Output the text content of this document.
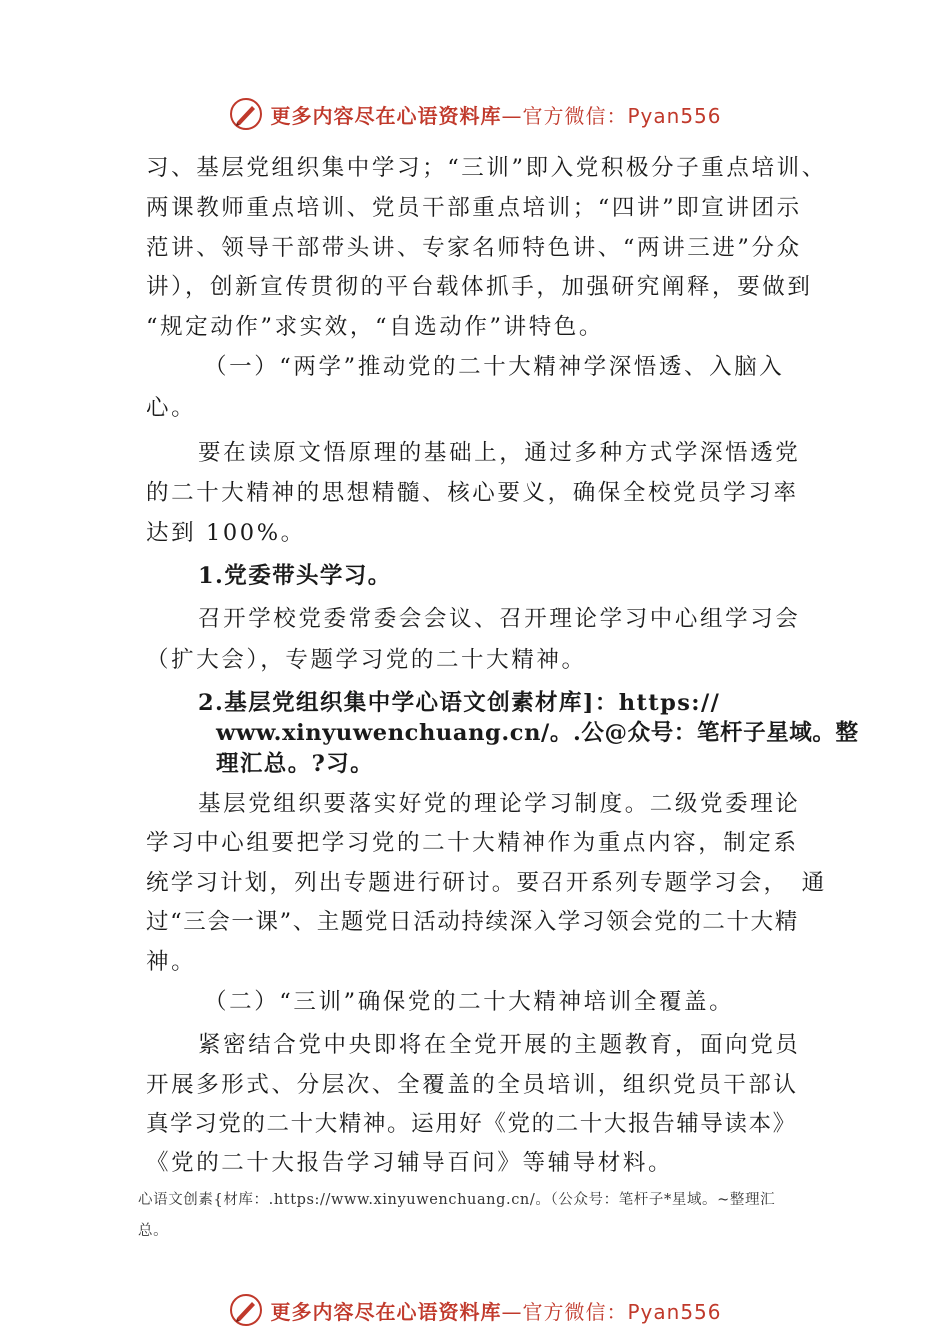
更多内容尽在心语资料库—官方微信：Pyan556
习、基层党组织集中学习；“三训”即入党积极分子重点培训、
两课教师重点培训、党员干部重点培训；“四讲”即宣讲团示
范讲、领导干部带头讲、专家名师特色讲、“两讲三进”分众
讲），创新宣传贯彻的平台载体抓手，加强研究阐释，要做到
“规定动作”求实效，“自选动作”讲特色。
（一）“两学”推动党的二十大精神学深悟透、入脑入
心。
要在读原文悟原理的基础上，通过多种方式学深悟透党
的二十大精神的思想精髓、核心要义，确保全校党员学习率
达到 100%。
1.党委带头学习。
召开学校党委常委会会议、召开理论学习中心组学习会
（扩大会），专题学习党的二十大精神。
2.基层党组织集中学心语文创素材库]：https://
www.xinyuwenchuang.cn/。.公@众号：笔杆子星域。整
理汇总。?习。
基层党组织要落实好党的理论学习制度。二级党委理论
学习中心组要把学习党的二十大精神作为重点内容，制定系
统学习计划，列出专题进行研讨。要召开系列专题学习会，　通
过“三会一课”、主题党日活动持续深入学习领会党的二十大精
神。
（二）“三训”确保党的二十大精神培训全覆盖。
紧密结合党中央即将在全党开展的主题教育，面向党员
开展多形式、分层次、全覆盖的全员培训，组织党员干部认
真学习党的二十大精神。运用好《党的二十大报告辅导读本》
《党的二十大报告学习辅导百问》等辅导材料。
心语文创素{材库：.https://www.xinyuwenchuang.cn/。（公众号：笔杆子*星域。~整理汇
总。
更多内容尽在心语资料库—官方微信：Pyan556
